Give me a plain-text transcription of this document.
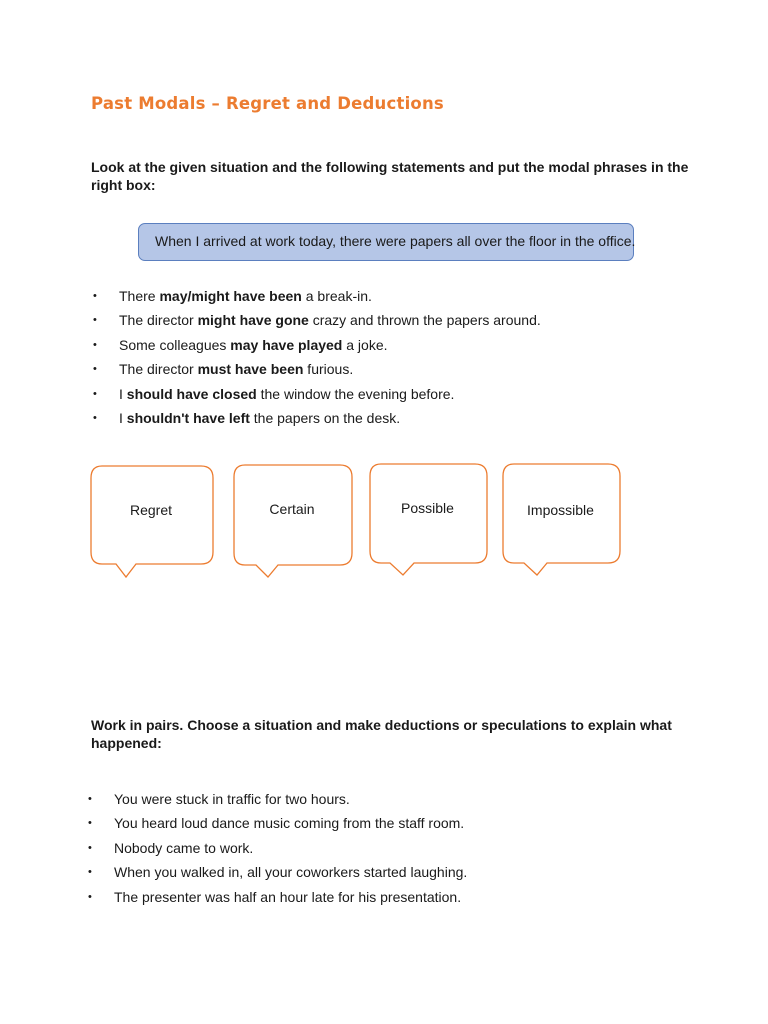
Past Modals – Regret and Deductions
Look at the given situation and the following statements and put the modal phrases in the right box:
When I arrived at work today, there were papers all over the floor in the office.
• There may/might have been a break-in.
• The director might have gone crazy and thrown the papers around.
• Some colleagues may have played a joke.
• The director must have been furious.
• I should have closed the window the evening before.
• I shouldn't have left the papers on the desk.
Regret	Certain	Possible	Impossible
Work in pairs. Choose a situation and make deductions or speculations to explain what happened:
• You were stuck in traffic for two hours.
• You heard loud dance music coming from the staff room.
• Nobody came to work.
• When you walked in, all your coworkers started laughing.
• The presenter was half an hour late for his presentation.
